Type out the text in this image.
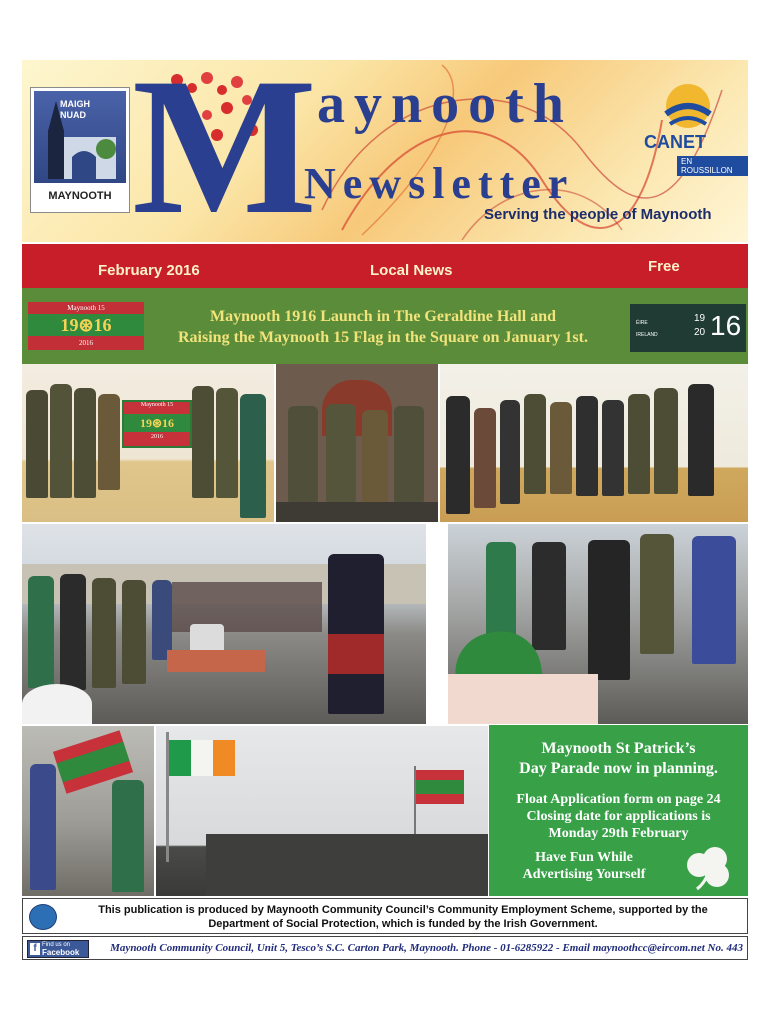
MAIGH
NUAD
MAYNOOTH M aynooth
Newsletter
Serving the people of Maynooth
CANET
EN ROUSSILLON
February 2016	Local News	Free
Maynooth 15
19⊛16
2016
Maynooth 1916 Launch in The Geraldine Hall and
Raising the Maynooth 15 Flag in the Square on January 1st.
ÉIRE
IRELAND
19
20 16
Maynooth 15
19⊛16
2016
Maynooth St Patrick’s
Day Parade now in planning.
Float Application form on page 24
Closing date for applications is
Monday 29th February
Have Fun While
Advertising Yourself
This publication is produced by Maynooth Community Council’s Community Employment Scheme, supported by the
Department of Social Protection, which is funded by the Irish Government.
Find us on
Facebook
f	Maynooth Community Council, Unit 5, Tesco’s S.C. Carton Park, Maynooth. Phone - 01-6285922 - Email maynoothcc@eircom.net No. 443
